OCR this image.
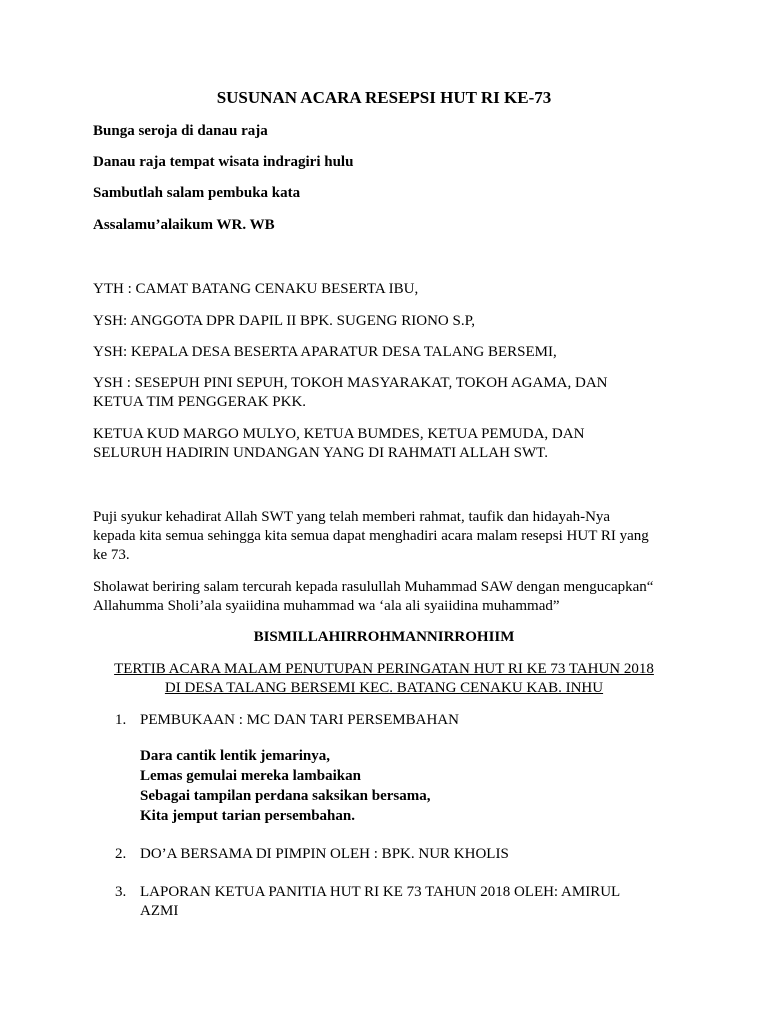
SUSUNAN ACARA RESEPSI HUT RI KE-73
Bunga seroja di danau raja
Danau raja tempat wisata indragiri hulu
Sambutlah salam pembuka kata
Assalamu’alaikum WR. WB
YTH : CAMAT BATANG CENAKU BESERTA IBU,
YSH: ANGGOTA DPR DAPIL II BPK. SUGENG RIONO S.P,
YSH: KEPALA DESA BESERTA APARATUR DESA TALANG BERSEMI,
YSH : SESEPUH PINI SEPUH, TOKOH MASYARAKAT, TOKOH AGAMA, DAN
KETUA TIM PENGGERAK PKK.
KETUA KUD MARGO MULYO, KETUA BUMDES, KETUA PEMUDA, DAN
SELURUH HADIRIN UNDANGAN YANG DI RAHMATI ALLAH SWT.
Puji syukur kehadirat Allah SWT yang telah memberi rahmat, taufik dan hidayah-Nya
kepada kita semua sehingga kita semua dapat menghadiri acara malam resepsi HUT RI yang
ke 73.
Sholawat beriring salam tercurah kepada rasulullah Muhammad SAW dengan mengucapkan“
Allahumma Sholi’ala syaiidina muhammad wa ‘ala ali syaiidina muhammad”
BISMILLAHIRROHMANNIRROHIIM
TERTIB ACARA MALAM PENUTUPAN PERINGATAN HUT RI KE 73 TAHUN 2018
DI DESA TALANG BERSEMI KEC. BATANG CENAKU KAB. INHU
1. PEMBUKAAN : MC DAN TARI PERSEMBAHAN
Dara cantik lentik jemarinya,
Lemas gemulai mereka lambaikan
Sebagai tampilan perdana saksikan bersama,
Kita jemput tarian persembahan.
2. DO’A BERSAMA DI PIMPIN OLEH : BPK. NUR KHOLIS
3. LAPORAN KETUA PANITIA HUT RI KE 73 TAHUN 2018 OLEH: AMIRUL
AZMI
